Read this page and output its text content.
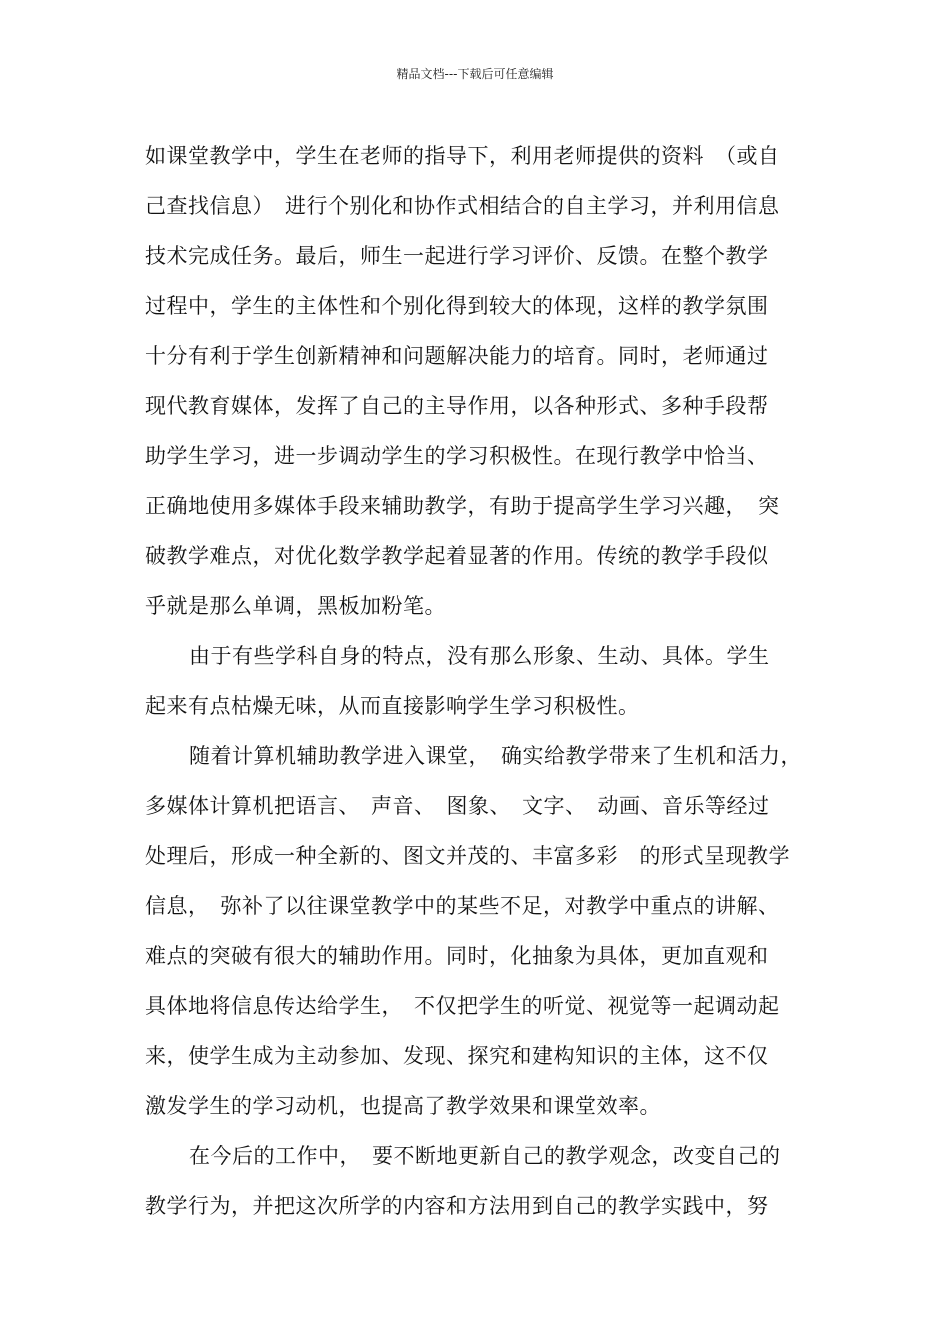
精品文档---下载后可任意编辑
如课堂教学中，学生在老师的指导下，利用老师提供的资料　（或自
己查找信息）　进行个别化和协作式相结合的自主学习，并利用信息
技术完成任务。最后，师生一起进行学习评价、反馈。在整个教学
过程中，学生的主体性和个别化得到较大的体现，这样的教学氛围
十分有利于学生创新精神和问题解决能力的培育。同时，老师通过
现代教育媒体，发挥了自己的主导作用，以各种形式、多种手段帮
助学生学习，进一步调动学生的学习积极性。在现行教学中恰当、
正确地使用多媒体手段来辅助教学，有助于提高学生学习兴趣，　突
破教学难点，对优化数学教学起着显著的作用。传统的教学手段似
乎就是那么单调，黑板加粉笔。
由于有些学科自身的特点，没有那么形象、生动、具体。学生
起来有点枯燥无味，从而直接影响学生学习积极性。
随着计算机辅助教学进入课堂，　确实给教学带来了生机和活力，
多媒体计算机把语言、　声音、　图象、　文字、　动画、音乐等经过
处理后，形成一种全新的、图文并茂的、丰富多彩　的形式呈现教学
信息，　弥补了以往课堂教学中的某些不足，对教学中重点的讲解、
难点的突破有很大的辅助作用。同时，化抽象为具体，更加直观和
具体地将信息传达给学生，　不仅把学生的听觉、视觉等一起调动起
来，使学生成为主动参加、发现、探究和建构知识的主体，这不仅
激发学生的学习动机，也提高了教学效果和课堂效率。
在今后的工作中，　要不断地更新自己的教学观念，改变自己的
教学行为，并把这次所学的内容和方法用到自己的教学实践中，努
